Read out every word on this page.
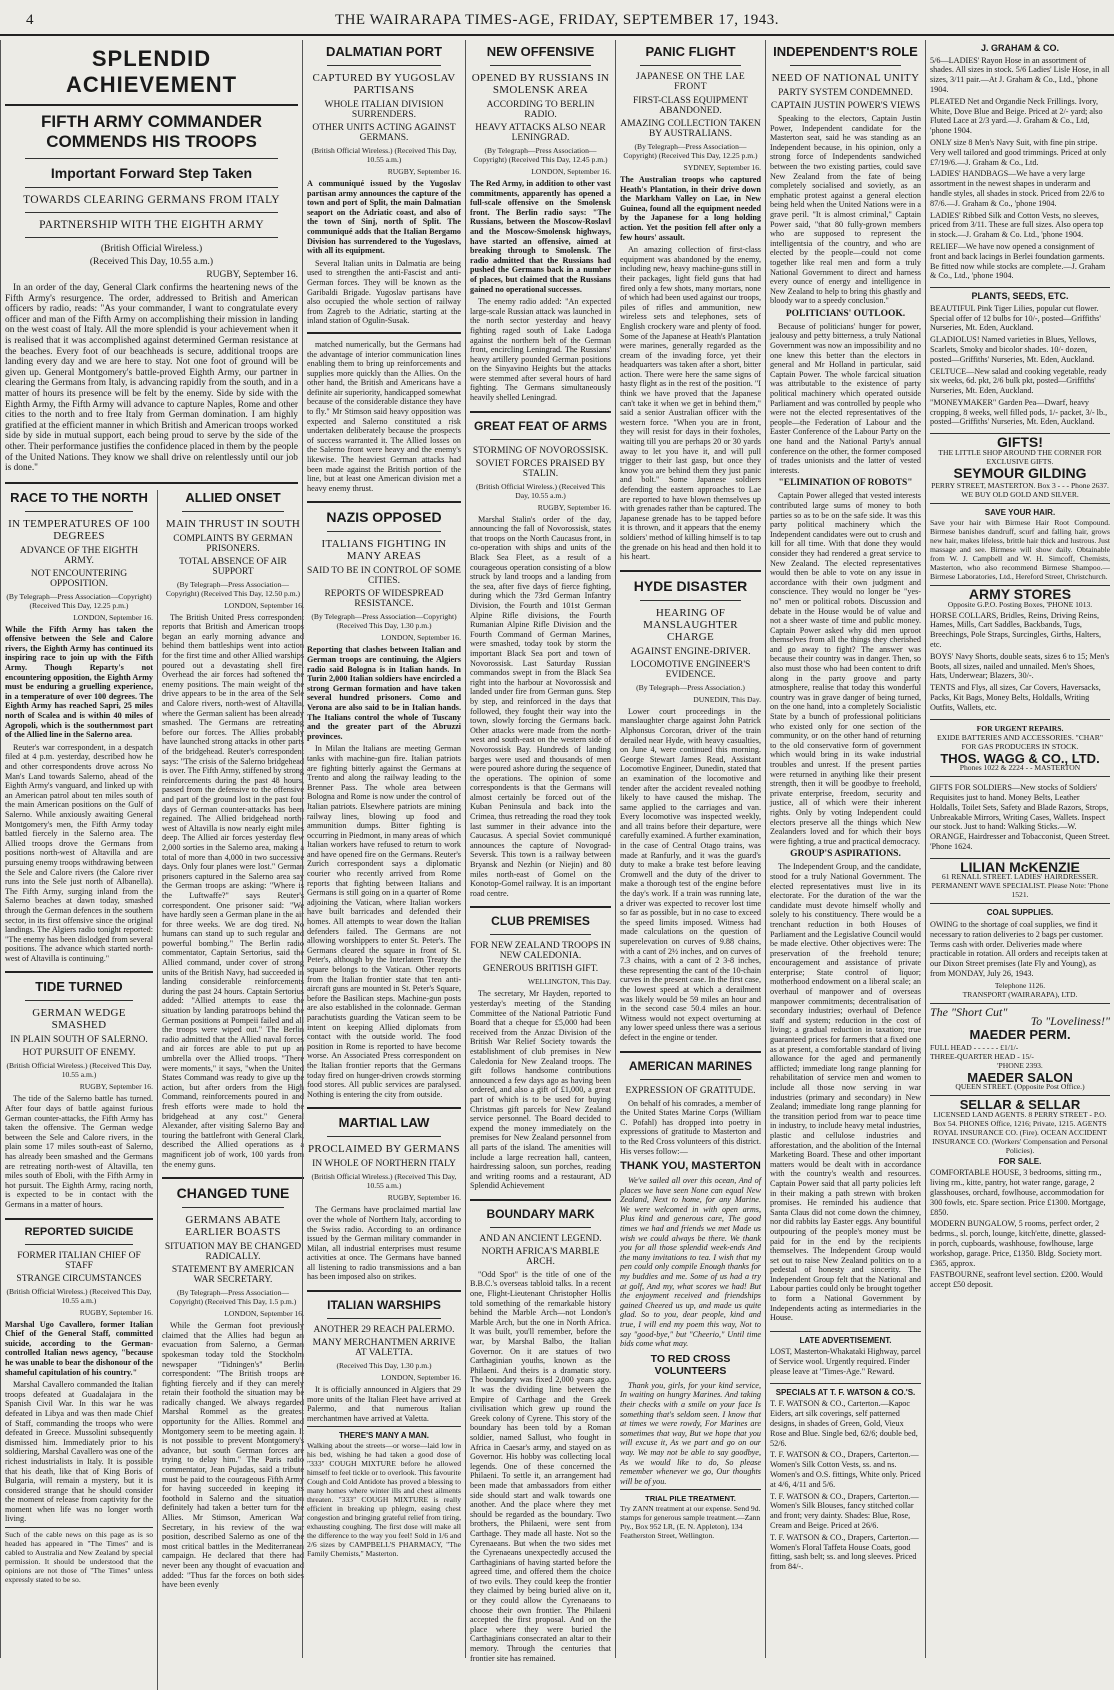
4	THE WAIRARAPA TIMES-AGE, FRIDAY, SEPTEMBER 17, 1943.
SPLENDID ACHIEVEMENT
FIFTH ARMY COMMANDER COMMENDS HIS TROOPS
Important Forward Step Taken
TOWARDS CLEARING GERMANS FROM ITALY
PARTNERSHIP WITH THE EIGHTH ARMY
(British Official Wireless.)
(Received This Day, 10.55 a.m.)
RUGBY, September 16.

In an order of the day, General Clark confirms the heartening news of the Fifth Army's resurgence. The order, addressed to British and American officers by radio, reads: "As your commander, I want to congratulate every officer and man of the Fifth Army on accomplishing their mission in landing on the west coast of Italy. All the more splendid is your achievement when it is realised that it was accomplished against determined German resistance at the beaches. Every foot of our beachheads is secure, additional troops are landing every day and we are here to stay. Not one foot of ground will be given up. General Montgomery's battle-proved Eighth Army, our partner in clearing the Germans from Italy, is advancing rapidly from the south, and in a matter of hours its presence will be felt by the enemy. Side by side with the Eighth Army, the Fifth Army will advance to capture Naples, Rome and other cities to the north and to free Italy from German domination. I am highly gratified at the efficient manner in which British and American troops worked side by side in mutual support, each being proud to serve by the side of the other. Their performance justifies the confidence placed in them by the people of the United Nations. They know we shall drive on relentlessly until our job is done."

RACE TO THE NORTH
IN TEMPERATURES OF 100 DEGREES
ADVANCE OF THE EIGHTH ARMY.
NOT ENCOUNTERING OPPOSITION.
(By Telegraph—Press Association—Copyright) (Received This Day, 12.25 p.m.)
LONDON, September 16.
While the Fifth Army has taken the offensive between the Sele and Calore rivers, the Eighth Army has continued its inspiring race to join up with the Fifth Army. Though Reparty's not encountering opposition, the Eighth Army must be enduring a gruelling experience, in a temperature of over 100 degrees. The Eighth Army has reached Sapri, 25 miles north of Scalea and is within 40 miles of Agropoli, which is the southernmost part of the Allied line in the Salerno area.

Reuter's war correspondent, in a despatch filed at 4 p.m. yesterday, described how he and other correspondents drove across No Man's Land towards Salerno, ahead of the Eighth Army's vanguard, and linked up with an American patrol about ten miles south of the main American positions on the Gulf of Salerno. While anxiously awaiting General Montgomery's men, the Fifth Army today battled fiercely in the Salerno area. The Allied troops drove the Germans from positions north-west of Altavilla and are pursuing enemy troops withdrawing between the Sele and Calore rivers (the Calore river runs into the Sele just north of Albanella). The Fifth Army, surging inland from the Salerno beaches at dawn today, smashed through the German defences in the southern sector, in its first offensive since the original landings. The Algiers radio tonight reported: "The enemy has been dislodged from several positions. The advance which started north-west of Altavilla is continuing."

TIDE TURNED
GERMAN WEDGE SMASHED
IN PLAIN SOUTH OF SALERNO.
HOT PURSUIT OF ENEMY.
(British Official Wireless.) (Received This Day, 10.55 a.m.)
RUGBY, September 16.

The tide of the Salerno battle has turned. After four days of battle against furious German counter-attacks, the Fifth Army has taken the offensive. The German wedge between the Sele and Calore rivers, in the plain some 17 miles south-east of Salerno, has already been smashed and the Germans are retreating north-west of Altavilla, ten miles south of Eboli, with the Fifth Army in hot pursuit. The Eighth Army, racing north, is expected to be in contact with the Germans in a matter of hours.

REPORTED SUICIDE
FORMER ITALIAN CHIEF OF STAFF
STRANGE CIRCUMSTANCES
(British Official Wireless.) (Received This Day, 10.55 a.m.)
RUGBY, September 16.
Marshal Ugo Cavallero, former Italian Chief of the General Staff, committed suicide, according to the German-controlled Italian news agency, "because he was unable to bear the dishonour of the shameful capitulation of his country."

Marshal Cavallero commanded the Italian troops defeated at Guadalajara in the Spanish Civil War. In this war he was defeated in Libya and was then made Chief of Staff, commanding the troops who were defeated in Greece. Mussolini subsequently dismissed him. Immediately prior to his soldiering, Marshal Cavallero was one of the richest industrialists in Italy. It is possible that his death, like that of King Boris of Bulgaria, will remain a mystery, but it is considered strange that he should consider the moment of release from captivity for the moment when life was no longer worth living.

Such of the cable news on this page as is so headed has appeared in "The Times" and is cabled to Australia and New Zealand by special permission. It should be understood that the opinions are not those of "The Times" unless expressly stated to be so.
ALLIED ONSET
MAIN THRUST IN SOUTH
COMPLAINTS BY GERMAN PRISONERS.
TOTAL ABSENCE OF AIR SUPPORT
(By Telegraph—Press Association—Copyright) (Received This Day, 12.50 p.m.)
LONDON, September 16.

The British United Press correspondent reports that British and American troops began an early morning advance and behind them battleships went into action for the first time and other Allied warships poured out a devastating shell fire. Overhead the air forces had softened the enemy positions. The main weight of the drive appears to be in the area of the Sele and Calore rivers, north-west of Altavilla, where the German salient has been already smashed. The Germans are retreating before our forces. The Allies probably have launched strong attacks in other parts of the bridgehead. Reuter's correspondent says: "The crisis of the Salerno bridgehead is over. The Fifth Army, stiffened by strong reinforcements during the past 48 hours, passed from the defensive to the offensive and part of the ground lost in the past four days of German counter-attacks has been regained. The Allied bridgehead north-west of Altavilla is now nearly eight miles deep. The Allied air forces yesterday flew 2,000 sorties in the Salerno area, making a total of more than 4,000 in two successive days. Only four planes were lost." German prisoners captured in the Salerno area say the German troops are asking: "Where is the Luftwaffe?" says Reuter's correspondent. One prisoner said: "We have hardly seen a German plane in the air for three weeks. We are dog tired. No humans can stand up to such regular and powerful bombing." The Berlin radio commentator, Captain Sertorius, said the Allied command, under cover of strong units of the British Navy, had succeeded in landing considerable reinforcements during the past 24 hours. Captain Sertorius added: "Allied attempts to ease the situation by landing paratroops behind the German positions at Pompeii failed and all the troops were wiped out." The Berlin radio admitted that the Allied naval forces and air forces are able to put up an umbrella over the Allied troops. "There were moments," it says, "when the United States Command was ready to give up the action, but after orders from the High Command, reinforcements poured in and fresh efforts were made to hold the bridgehead at any cost." General Alexander, after visiting Salerno Bay and touring the battlefront with General Clark, described the Allied operations as a magnificent job of work, 100 yards from the enemy guns.

CHANGED TUNE
GERMANS ABATE EARLIER BOASTS
SITUATION MAY BE CHANGED RADICALLY.
STATEMENT BY AMERICAN WAR SECRETARY.
(By Telegraph—Press Association—Copyright) (Received This Day, 1.5 p.m.)
LONDON, September 16.

While the German foot previously claimed that the Allies had begun an evacuation from Salerno, a German spokesman today told the Stockholm newspaper "Tidningen's" Berlin correspondent: "The British troops are fighting fiercely and if they can merely retain their foothold the situation may be radically changed. We always regarded Marshal Rommel as the greatest opportunity for the Allies. Rommel and Montgomery seem to be meeting again. It is not possible to prevent Montgomery's advance, but south German forces are trying to delay him." The Paris radio commentator, Jean Pujadas, said a tribute must be paid to the courageous Fifth Army for having succeeded in keeping its foothold in Salerno and the situation definitely had taken a better turn for the Allies. Mr Stimson, American War Secretary, in his review of the war position, described Salerno as one of the most critical battles in the Mediterranean campaign. He declared that there had never been any thought of evacuation and added: "Thus far the forces on both sides have been evenly

DALMATIAN PORT
CAPTURED BY YUGOSLAV PARTISANS
WHOLE ITALIAN DIVISION SURRENDERS.
OTHER UNITS ACTING AGAINST GERMANS.
(British Official Wireless.) (Received This Day, 10.55 a.m.)
RUGBY, September 16.
A communiqué issued by the Yugoslav partisan army announces the capture of the town and port of Split, the main Dalmatian seaport on the Adriatic coast, and also of the town of Sinj, north of Split. The communiqué adds that the Italian Bergamo Division has surrendered to the Yugoslavs, with all its equipment.

Several Italian units in Dalmatia are being used to strengthen the anti-Fascist and anti-German forces. They will be known as the Garibaldi Brigade. Yugoslav partisans have also occupied the whole section of railway from Zagreb to the Adriatic, starting at the inland station of Ogulin-Susak.

matched numerically, but the Germans had the advantage of interior communication lines enabling them to bring up reinforcements and supplies more quickly than the Allies. On the other hand, the British and Americans have a definite air superiority, handicapped somewhat because of the considerable distance they have to fly." Mr Stimson said heavy opposition was expected and Salerno constituted a risk undertaken deliberately because the prospects of success warranted it. The Allied losses on the Salerno front were heavy and the enemy's likewise. The heaviest German attacks had been made against the British portion of the line, but at least one American division met a heavy enemy thrust.

NAZIS OPPOSED
ITALIANS FIGHTING IN MANY AREAS
SAID TO BE IN CONTROL OF SOME CITIES.
REPORTS OF WIDESPREAD RESISTANCE.
(By Telegraph—Press Association—Copyright) (Received This Day, 1.30 p.m.)
LONDON, September 16.
Reporting that clashes between Italian and German troops are continuing, the Algiers radio said Bologna is in Italian hands. In Turin 2,000 Italian soldiers have encircled a strong German formation and have taken several hundred prisoners. Como and Verona are also said to be in Italian hands. The Italians control the whole of Tuscany and the greater part of the Abruzzi provinces.

In Milan the Italians are meeting German tanks with machine-gun fire. Italian patriots are fighting bitterly against the Germans at Trento and along the railway leading to the Brenner Pass. The whole area between Bologna and Rome is now under the control of Italian patriots. Elsewhere patriots are mining railway lines, blowing up food and ammunition dumps. Bitter fighting is occurring in Piedmont, in many areas of which Italian workers have refused to return to work and have opened fire on the Germans. Reuter's Zurich correspondent says a diplomatic courier who recently arrived from Rome reports that fighting between Italians and Germans is still going on in a quarter of Rome adjoining the Vatican, where Italian workers have built barricades and defended their homes. All attempts to wear down the Italian defenders failed. The Germans are not allowing worshippers to enter St. Peter's. The Germans cleared the square in front of St. Peter's, although by the Interlatern Treaty the square belongs to the Vatican. Other reports from the Italian frontier state that ten anti-aircraft guns are mounted in St. Peter's Square, before the Basilican steps. Machine-gun posts are also established in the colonnade. German parachutists guarding the Vatican seem to be intent on keeping Allied diplomats from contact with the outside world. The food position in Rome is reported to have become worse. An Associated Press correspondent on the Italian frontier reports that the Germans today fired on hunger-driven crowds storming food stores. All public services are paralysed. Nothing is entering the city from outside.

MARTIAL LAW
PROCLAIMED BY GERMANS
IN WHOLE OF NORTHERN ITALY
(British Official Wireless.) (Received This Day, 10.55 a.m.)
RUGBY, September 16.

The Germans have proclaimed martial law over the whole of Northern Italy, according to the Swiss radio. According to an ordinance issued by the German military commander in Milan, all industrial enterprises must resume activities at once. The Germans have banned all listening to radio transmissions and a ban has been imposed also on strikes.

ITALIAN WARSHIPS
ANOTHER 29 REACH PALERMO.
MANY MERCHANTMEN ARRIVE AT VALETTA.
(Received This Day, 1.30 p.m.)
LONDON, September 16.

It is officially announced in Algiers that 29 more units of the Italian Fleet have arrived at Palermo, and that numerous Italian merchantmen have arrived at Valetta.

THERE'S MANY A MAN.
Walking about the streets—or worse—laid low in his bed, wishing he had taken a good dose of "333" COUGH MIXTURE before he allowed himself to feel tickle or to overlook. This favourite Cough and Cold Antidote has proved a blessing to many homes where winter ills and chest ailments threaten. "333" COUGH MIXTURE is really efficient in breaking up phlegm, easing chest congestion and bringing grateful relief from tiring, exhausting coughing. The first dose will make all the difference to the way you feel! Sold in 1/6 and 2/6 sizes by CAMPBELL'S PHARMACY, "The Family Chemists," Masterton.
NEW OFFENSIVE
OPENED BY RUSSIANS IN SMOLENSK AREA
ACCORDING TO BERLIN RADIO.
HEAVY ATTACKS ALSO NEAR LENINGRAD.
(By Telegraph—Press Association—Copyright) (Received This Day, 12.45 p.m.)
LONDON, September 16.
The Red Army, in addition to other vast commitments, apparently has opened a full-scale offensive on the Smolensk front. The Berlin radio says: "The Russians, between the Moscow-Roslavl and the Moscow-Smolensk highways, have started an offensive, aimed at breaking through to Smolensk. The radio admitted that the Russians had pushed the Germans back in a number of places, but claimed that the Russians gained no operational successes.

The enemy radio added: "An expected large-scale Russian attack was launched in the north sector yesterday and heavy fighting raged south of Lake Ladoga against the northern belt of the German front, encircling Leningrad. The Russians' heavy artillery pounded German positions on the Sinyavino Heights but the attacks were stemmed after several hours of hard fighting. The Germans simultaneously heavily shelled Leningrad.

GREAT FEAT OF ARMS
STORMING OF NOVOROSSISK.
SOVIET FORCES PRAISED BY STALIN.
(British Official Wireless.) (Received This Day, 10.55 a.m.)
RUGBY, September 16.

Marshal Stalin's order of the day, announcing the fall of Novorossisk, states that troops on the North Caucasus front, in co-operation with ships and units of the Black Sea Fleet, as a result of a courageous operation consisting of a blow struck by land troops and a landing from the sea, after five days of fierce fighting, during which the 73rd German Infantry Division, the Fourth and 101st German Alpine Rifle divisions, the Fourth Rumanian Alpine Rifle Division and the Fourth Command of German Marines, were smashed, today took by storm the important Black Sea port and town of Novorossisk. Last Saturday Russian commandos swept in from the Black Sea right into the harbour at Novorossisk and landed under fire from German guns. Step by step, and reinforced in the days that followed, they fought their way into the town, slowly forcing the Germans back. Other attacks were made from the north-west and south-east on the western side of Novorossisk Bay. Hundreds of landing barges were used and thousands of men were poured ashore during the sequence of the operations. The opinion of some correspondents is that the Germans will almost certainly be forced out of the Kuban Peninsula and back into the Crimea, thus retreading the road they took last summer in their advance into the Caucasus. A special Soviet communiqué announces the capture of Novograd-Seversk. This town is a railway between Bryansk and Nezhin (or Niejin) and 80 miles north-east of Gomel on the Konotop-Gomel railway. It is an important road centre.

CLUB PREMISES
FOR NEW ZEALAND TROOPS IN NEW CALEDONIA.
GENEROUS BRITISH GIFT.
WELLINGTON, This Day.

The secretary, Mr Hayden, reported to yesterday's meeting of the Standing Committee of the National Patriotic Fund Board that a cheque for £5,000 had been received from the Anzac Division of the British War Relief Society towards the establishment of club premises in New Caledonia for New Zealand troops. The gift follows handsome contributions announced a few days ago as having been ordered, and also a gift of £1,000, a great part of which is to be used for buying Christmas gift parcels for New Zealand service personnel. The Board decided to expend the money immediately on the premises for New Zealand personnel from all parts of the island. The amenities will include a large recreation hall, canteen, hairdressing saloon, sun porches, reading and writing rooms and a restaurant, AD Splendid Achievement

BOUNDARY MARK
AND AN ANCIENT LEGEND.
NORTH AFRICA'S MARBLE ARCH.

"Odd Spot" is the title of one of the B.B.C.'s overseas tabloid talks. In a recent one, Flight-Lieutenant Christopher Hollis told something of the remarkable history behind the Marble Arch—not London's Marble Arch, but the one in North Africa. It was built, you'll remember, before the war, by Marshal Balbo, the Italian Governor. On it are statues of two Carthaginian youths, known as the Philaeni. And theirs is a dramatic story. The boundary was fixed 2,000 years ago. It was the dividing line between the Empire of Carthage and the Greek civilisation which grew up round the Greek colony of Cyrene. This story of the boundary has been told by a Roman soldier, named Sallust, who fought in Africa in Caesar's army, and stayed on as Governor. His hobby was collecting local legends. One of these concerned the Philaeni. To settle it, an arrangement had been made that ambassadors from either side should start and walk towards one another. And the place where they met should be regarded as the boundary. Two brothers, the Philaeni, were sent from Carthage. They made all haste. Not so the Cyrenaeans. But when the two sides met the Cyrenaeans unexpectedly accused the Carthaginians of having started before the agreed time, and offered them the choice of two evils. They could keep the frontier they claimed by being buried alive on it, or they could allow the Cyrenaeans to choose their own frontier. The Philaeni accepted the first proposal. And on the place where they were buried the Carthaginians consecrated an altar to their memory. Through the centuries that frontier site has remained.

PANIC FLIGHT
JAPANESE ON THE LAE FRONT
FIRST-CLASS EQUIPMENT ABANDONED.
AMAZING COLLECTION TAKEN BY AUSTRALIANS.
(By Telegraph—Press Association—Copyright) (Received This Day, 12.25 p.m.)
SYDNEY, September 16.
The Australian troops who captured Heath's Plantation, in their drive down the Markham Valley on Lae, in New Guinea, found all the equipment needed by the Japanese for a long holding action. Yet the position fell after only a few hours' assault.

An amazing collection of first-class equipment was abandoned by the enemy, including new, heavy machine-guns still in their packages, light field guns that had fired only a few shots, many mortars, none of which had been used against our troops, piles of rifles and ammunition, new wireless sets and telephones, sets of English crockery ware and plenty of food. Some of the Japanese at Heath's Plantation were marines, generally regarded as the cream of the invading force, yet their headquarters was taken after a short, bitter action. There were here the same signs of hasty flight as in the rest of the position. "I think we have proved that the Japanese can't take it when we get in behind them," said a senior Australian officer with the western force. "When you are in front, they will resist for days in their foxholes, waiting till you are perhaps 20 or 30 yards away to let you have it, and will pull trigger to their last gasp, but once they know you are behind them they just panic and bolt." Some Japanese soldiers defending the eastern approaches to Lae are reported to have blown themselves up with grenades rather than be captured. The Japanese grenade has to be tapped before it is thrown, and it appears that the enemy soldiers' method of killing himself is to tap the grenade on his head and then hold it to his heart.

HYDE DISASTER
HEARING OF MANSLAUGHTER CHARGE
AGAINST ENGINE-DRIVER.
LOCOMOTIVE ENGINEER'S EVIDENCE.
(By Telegraph—Press Association.)
DUNEDIN, This Day.

Lower court proceedings in the manslaughter charge against John Patrick Alphonsus Corcoran, driver of the train derailed near Hyde, with heavy casualties, on June 4, were continued this morning. George Stewart James Read, Assistant Locomotive Engineer, Dunedin, stated that an examination of the locomotive and tender after the accident revealed nothing likely to have caused the mishap. The same applied to the carriages and van. Every locomotive was inspected weekly, and all trains before their departure, were carefully examined. A further examination, in the case of Central Otago trains, was made at Ranfurly, and it was the guard's duty to make a brake test before leaving Cromwell and the duty of the driver to make a thorough test of the engine before the day's work. If a train was running late, a driver was expected to recover lost time so far as possible, but in no case to exceed the speed limits imposed. Witness had made calculations on the question of superelevation on curves of 9.88 chains, with a cant of 2½ inches, and on curves of 7.3 chains, with a cant of 2 3-8 inches, these representing the cant of the 10-chain curves in the present case. In the first case, the lowest speed at which a derailment was likely would be 59 miles an hour and in the second case 50.4 miles an hour. Witness would not expect overturning at any lower speed unless there was a serious defect in the engine or tender.

AMERICAN MARINES
EXPRESSION OF GRATITUDE.

On behalf of his comrades, a member of the United States Marine Corps (William C. Pofahl) has dropped into poetry in expressions of gratitude to Masterton and to the Red Cross volunteers of this district. His verses follow:—

THANK YOU, MASTERTON

We've sailed all over this ocean, And of places we have seen None can equal New Zealand, Next to home, for any Marine. We were welcomed in with open arms, Plus kind and generous care, The good times we had and friends we met Made us wish we could always be there. We thank you for all those splendid week-ends And the many invitations to tea. I wish that my pen could only compile Enough thanks for my buddies and me. Some of us had a try at golf, And my, what scores we had! But the enjoyment received and friendships gained Cheered us up, and made us quite glad. So to you, dear people, kind and true, I will end my poem this way, Not to say "good-bye," but "Cheerio," Until time bids come what may.

TO RED CROSS VOLUNTEERS

Thank you, girls, for your kind service, In waiting on hungry Marines. And taking their checks with a smile on your face Is something that's seldom seen. I know that at times we were rowdy, For Marines are sometimes that way, But we hope that you will excuse it, As we part and go on our way. We may not be able to say goodbye, As we would like to do, So please remember whenever we go, Our thoughts will be of you.

TRIAL PILE TREATMENT.
Try ZANN treatment at our expense. Send 9d. stamps for generous sample treatment.—Zann Pty., Box 952 LR, (E. N. Appleton), 134 Featherston Street, Wellington.
INDEPENDENT'S ROLE
NEED OF NATIONAL UNITY
PARTY SYSTEM CONDEMNED.
CAPTAIN JUSTIN POWER'S VIEWS

Speaking to the electors, Captain Justin Power, Independent candidate for the Masterton seat, said he was standing as an Independent because, in his opinion, only a strong force of Independents sandwiched between the two existing parties, could save New Zealand from the fate of being completely socialised and sovietly, as an emphatic protest against a general election being held when the United Nations were in a grave peril. "It is almost criminal," Captain Power said, "that 80 fully-grown members who are supposed to represent the intelligentsia of the country, and who are elected by the people—could not come together like real men and form a truly National Government to direct and harness every ounce of energy and intelligence in New Zealand to help to bring this ghastly and bloody war to a speedy conclusion."

POLITICIANS' OUTLOOK.

Because of politicians' hunger for power, jealousy and petty bitterness, a truly National Government was now an impossibility and no one knew this better than the electors in general and Mr Holland in particular, said Captain Power. The whole farcical situation was attributable to the existence of party political machinery which operated outside Parliament and was controlled by people who were not the elected representatives of the people—the Federation of Labour and the Easter Conference of the Labour Party on the one hand and the National Party's annual conference on the other, the former composed of trades unionists and the latter of vested interests.

"ELIMINATION OF ROBOTS"

Captain Power alleged that vested interests contributed large sums of money to both parties so as to be on the safe side. It was this party political machinery which the Independent candidates were out to crush and kill for all time. With that done they would consider they had rendered a great service to New Zealand. The elected representatives would then be able to vote on any issue in accordance with their own judgment and conscience. They would no longer be "yes-no" men or political robots. Discussion and debate in the House would be of value and not a sheer waste of time and public money. Captain Power asked why did men uproot themselves from all the things they cherished and go away to fight? The answer was because their country was in danger. Then, so also must those who had been content to drift along in the party groove and party atmosphere, realise that today this wonderful country was in grave danger of being turned, on the one hand, into a completely Socialistic State by a bunch of professional politicians who existed only for one section of the community, or on the other hand of returning to the old conservative form of government which would bring in its wake industrial troubles and unrest. If the present parties were returned in anything like their present strength, then it will be goodbye to freehold, private enterprise, freedom, security and justice, all of which were their inherent rights. Only by voting Independent could electors preserve all the things which New Zealanders loved and for which their boys were fighting, a true and practical democracy.

GROUP'S ASPIRATIONS.

The Independent Group, and the candidate, stood for a truly National Government. The elected representatives must live in its electorate. For the duration of the war the candidate must devote himself wholly and solely to his constituency. There would be a trenchant reduction in both Houses of Parliament and the Legislative Council would be made elective. Other objectives were: The preservation of the freehold tenure; encouragement and assistance of private enterprise; State control of liquor; motherhood endowment on a liberal scale; an overhaul of manpower and of overseas manpower commitments; decentralisation of secondary industries; overhaul of Defence staff and system; reduction in the cost of living; a gradual reduction in taxation; true guaranteed prices for farmers that a fixed one as at present, a comfortable standard of living allowance for the aged and permanently afflicted; immediate long range planning for rehabilitation of service men and women to include all those now serving in war industries (primary and secondary) in New Zealand; immediate long range planning for the transition period from war to peace time in industry, to include heavy metal industries, plastic and cellulose industries and afforestation, and the abolition of the Internal Marketing Board. These and other important matters would be dealt with in accordance with the country's wealth and resources. Captain Power said that all party policies left in their making a path strewn with broken promises. He reminded his audience that Santa Claus did not come down the chimney, nor did rabbits lay Easter eggs. Any bountiful outpouring of the people's money must be paid for in the end by the recipients themselves. The Independent Group would set out to raise New Zealand politics on to a pedestal of honesty and sincerity. The Independent Group felt that the National and Labour parties could only be brought together to form a National Government by Independents acting as intermediaries in the House.

LATE ADVERTISEMENT.
LOST, Masterton-Whakataki Highway, parcel of Service wool. Urgently required. Finder please leave at "Times-Age." Reward.
SPECIALS AT T. F. WATSON & CO.'S.
T. F. WATSON & CO., Carterton.—Kapoc Eiders, art silk coverings, self patterned designs, in shades of Green, Gold, Vieux Rose and Blue. Single bed, 62/6; double bed, 52/6.
T. F. WATSON & CO., Drapers, Carterton.—Women's Silk Cotton Vests, ss. and ns. Women's and O.S. fittings, White only. Priced at 4/6, 4/11 and 5/6.
T. F. WATSON & CO., Drapers, Carterton.—Women's Silk Blouses, fancy stitched collar and front; very dainty. Shades: Blue, Rose, Cream and Beige. Priced at 26/6.
T. F. WATSON & CO., Drapers, Carterton.—Women's Floral Taffeta House Coats, good fitting, sash belt; ss. and long sleeves. Priced from 84/-.
J. GRAHAM & CO.
5/6—LADIES' Rayon Hose in an assortment of shades. All sizes in stock. 5/6 Ladies' Lisle Hose, in all sizes, 3/11 pair.—At J. Graham & Co., Ltd., 'phone 1904.
PLEATED Net and Organdie Neck Frillings. Ivory, White, Dove Blue and Beige. Priced at 2/- yard; also Fluted Lace at 2/3 yard.—J. Graham & Co., Ltd, 'phone 1904.
ONLY size 8 Men's Navy Suit, with fine pin stripe. Very well tailored and good trimmings. Priced at only £7/19/6.—J. Graham & Co., Ltd.
LADIES' HANDBAGS—We have a very large assortment in the newest shapes in underarm and handle styles, all shades in stock. Priced from 22/6 to 87/6.—J. Graham & Co., 'phone 1904.
LADIES' Ribbed Silk and Cotton Vests, no sleeves, priced from 3/11. These are full sizes. Also opera top in stock.—J. Graham & Co. Ltd., 'phone 1904.
RELIEF—We have now opened a consignment of front and back lacings in Berlei foundation garments. Be fitted now while stocks are complete.—J. Graham & Co., Ltd., 'phone 1904.
PLANTS, SEEDS, ETC.
BEAUTIFUL Pink Tiger Lilies, popular cut flower. Special offer of 12 bulbs for 10/-, posted—Griffiths' Nurseries, Mt. Eden, Auckland.
GLADIOLUS! Named varieties in Blues, Yellows, Scarlets, Smoky and bicolor shades. 10/- dozen, posted—Griffiths' Nurseries, Mt. Eden, Auckland.
CELTUCE—New salad and cooking vegetable, ready six weeks, 6d. pkt, 2/6 bulk pkt, posted—Griffiths' Nurseries, Mt. Eden, Auckland.
"MONEYMAKER" Garden Pea—Dwarf, heavy cropping, 8 weeks, well filled pods, 1/- packet, 3/- lb., posted—Griffiths' Nurseries, Mt. Eden, Auckland.
GIFTS!
THE LITTLE SHOP AROUND THE CORNER FOR EXCLUSIVE GIFTS.
SEYMOUR GILDING
PERRY STREET, MASTERTON. Box 3 - - - Phone 2637. WE BUY OLD GOLD AND SILVER.
SAVE YOUR HAIR.
Save your hair with Birmese Hair Root Compound. Birmese banishes dandruff, scurf and falling hair, grows new hair, makes lifeless, brittle hair thick and lustrous. Just massage and see. Birmese will show daily. Obtainable from W. J. Campbell and W. H. Simcoff, Chemists, Masterton, who also recommend Birmese Shampoo.—Birmese Laboratories, Ltd., Hereford Street, Christchurch.
ARMY STORES
Opposite G.P.O. Posting Boxes, 'PHONE 1013.
HORSE COLLARS, Bridles, Reins, Driving Reins, Hames, Mills, Cart Saddles, Backbands, Tugs, Breechings, Pole Straps, Surcingles, Girths, Halters, etc.
BOYS' Navy Shorts, double seats, sizes 6 to 15; Men's Boots, all sizes, nailed and unnailed. Men's Shoes, Hats, Underwear; Blazers, 30/-.
TENTS and Flys, all sizes, Car Covers, Haversacks, Packs, Kit Bags, Money Belts, Holdalls, Writing Outfits, Wallets, etc.
FOR URGENT REPAIRS.
EXIDE BATTERIES AND ACCESSORIES. "CHAR" FOR GAS PRODUCERS IN STOCK.
THOS. WAGG & CO., LTD.
Phones 1022 & 2224 - - MASTERTON
GIFTS FOR SOLDIERS—New stocks of Soldiers' Requisites just to hand. Money Belts, Leather Holdalls, Toilet Sets, Safety and Blade Razors, Strops, Unbreakable Mirrors, Writing Cases, Wallets. Inspect our stock. Just to hand: Walking Sticks.—W. ORANGE, Hairdresser and Tobacconist, Queen Street. 'Phone 1624.
LILIAN McKENZIE
61 RENALL STREET. LADIES' HAIRDRESSER. PERMANENT WAVE SPECIALIST. Please Note: 'Phone 1521.
COAL SUPPLIES.
OWING to the shortage of coal supplies, we find it necessary to ration deliveries to 2 bags per customer. Terms cash with order. Deliveries made where practicable in rotation. All orders and receipts taken at our Dixon Street premises (late Fly and Young), as from MONDAY, July 26, 1943.
Telephone 1126.
TRANSPORT (WAIRARAPA), LTD.
The "Short Cut"
To "Loveliness!"
MAEDER PERM.
FULL HEAD - - - - - - £1/1/-
THREE-QUARTER HEAD - 15/-
'PHONE 2393.
MAEDER SALON
QUEEN STREET. (Opposite Post Office.)
SELLAR & SELLAR
LICENSED LAND AGENTS. 8 PERRY STREET - P.O. Box 54. PHONES Office, 1216; Private, 1215. AGENTS ROYAL INSURANCE CO. (Fire). OCEAN ACCIDENT INSURANCE CO. (Workers' Compensation and Personal Policies).
FOR SALE.
COMFORTABLE HOUSE, 3 bedrooms, sitting rm., living rm., kitte, pantry, hot water range, garage, 2 glasshouses, orchard, fowlhouse, accommodation for 300 fowls, etc. Spare section. Price £1300. Mortgage, £850.
MODERN BUNGALOW, 5 rooms, perfect order, 2 bedrms., sl. porch, lounge, kitch'ette, dinette, glassed-in porch, cupboards, washhouse, fowlhouse, large workshop, garage. Price, £1350. Bldg. Society mort. £365, approx.
FASTBOURNE, seafront level section. £200. Would accept £50 deposit.
